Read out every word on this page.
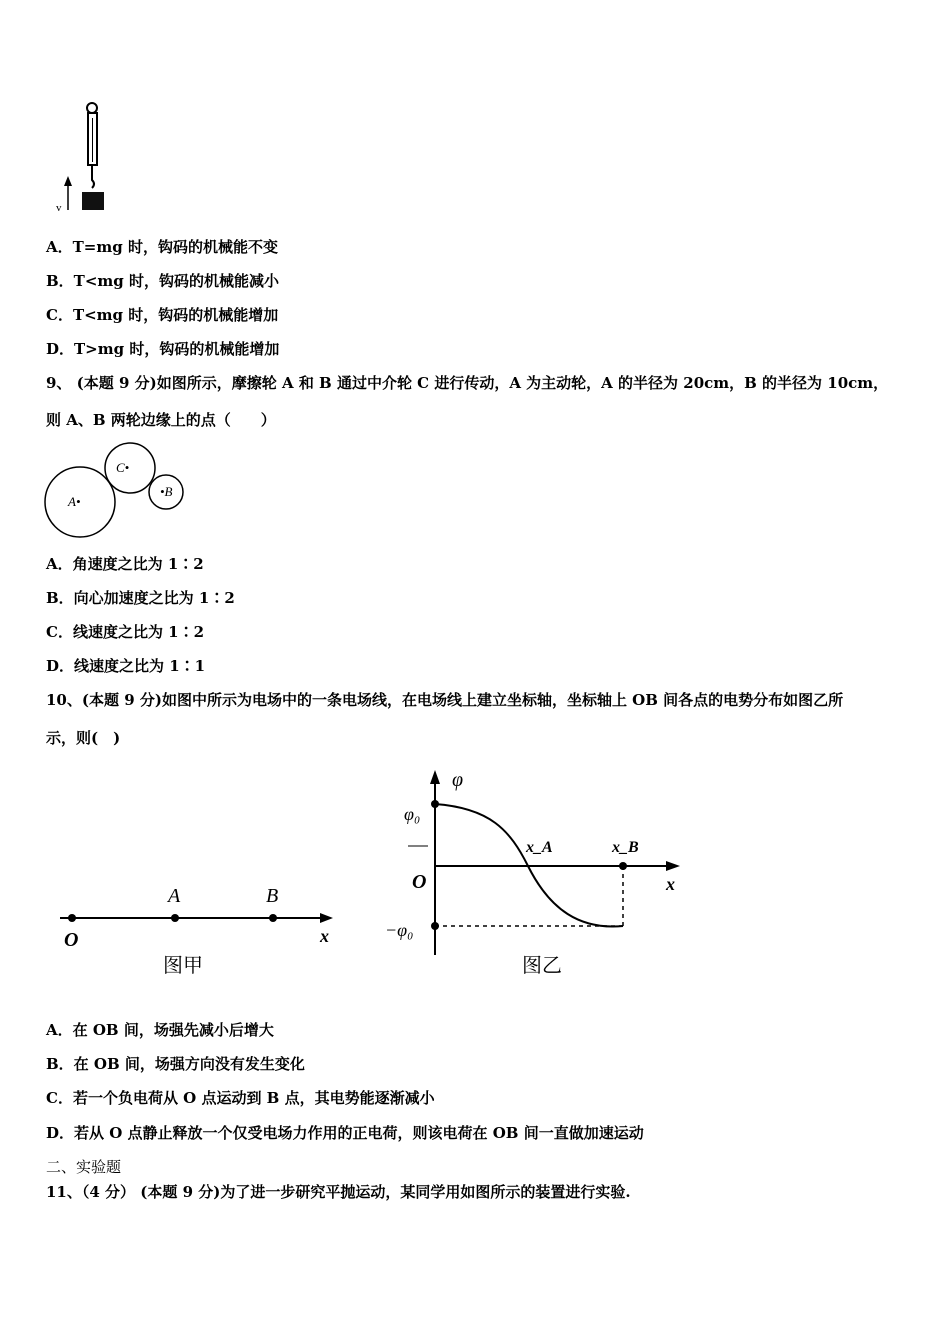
v
A．T=mg 时，钩码的机械能不变
B．T<mg 时，钩码的机械能减小
C．T<mg 时，钩码的机械能增加
D．T>mg 时，钩码的机械能增加
9、 (本题 9 分)如图所示，摩擦轮 A 和 B 通过中介轮 C 进行传动，A 为主动轮，A 的半径为 20cm，B 的半径为 10cm，
则 A、B 两轮边缘上的点（　　）
A•
C•
•B
A．角速度之比为 1∶2
B．向心加速度之比为 1∶2
C．线速度之比为 1∶2
D．线速度之比为 1∶1
10、(本题 9 分)如图中所示为电场中的一条电场线，在电场线上建立坐标轴，坐标轴上 OB 间各点的电势分布如图乙所
示，则(　)
O
A	B
x
图甲
φ
φ₀
−φ₀
O
x_A	x_B
x
图乙
A．在 OB 间，场强先减小后增大
B．在 OB 间，场强方向没有发生变化
C．若一个负电荷从 O 点运动到 B 点，其电势能逐渐减小
D．若从 O 点静止释放一个仅受电场力作用的正电荷，则该电荷在 OB 间一直做加速运动
二、实验题
11、（4 分） (本题 9 分)为了进一步研究平抛运动，某同学用如图所示的装置进行实验.
